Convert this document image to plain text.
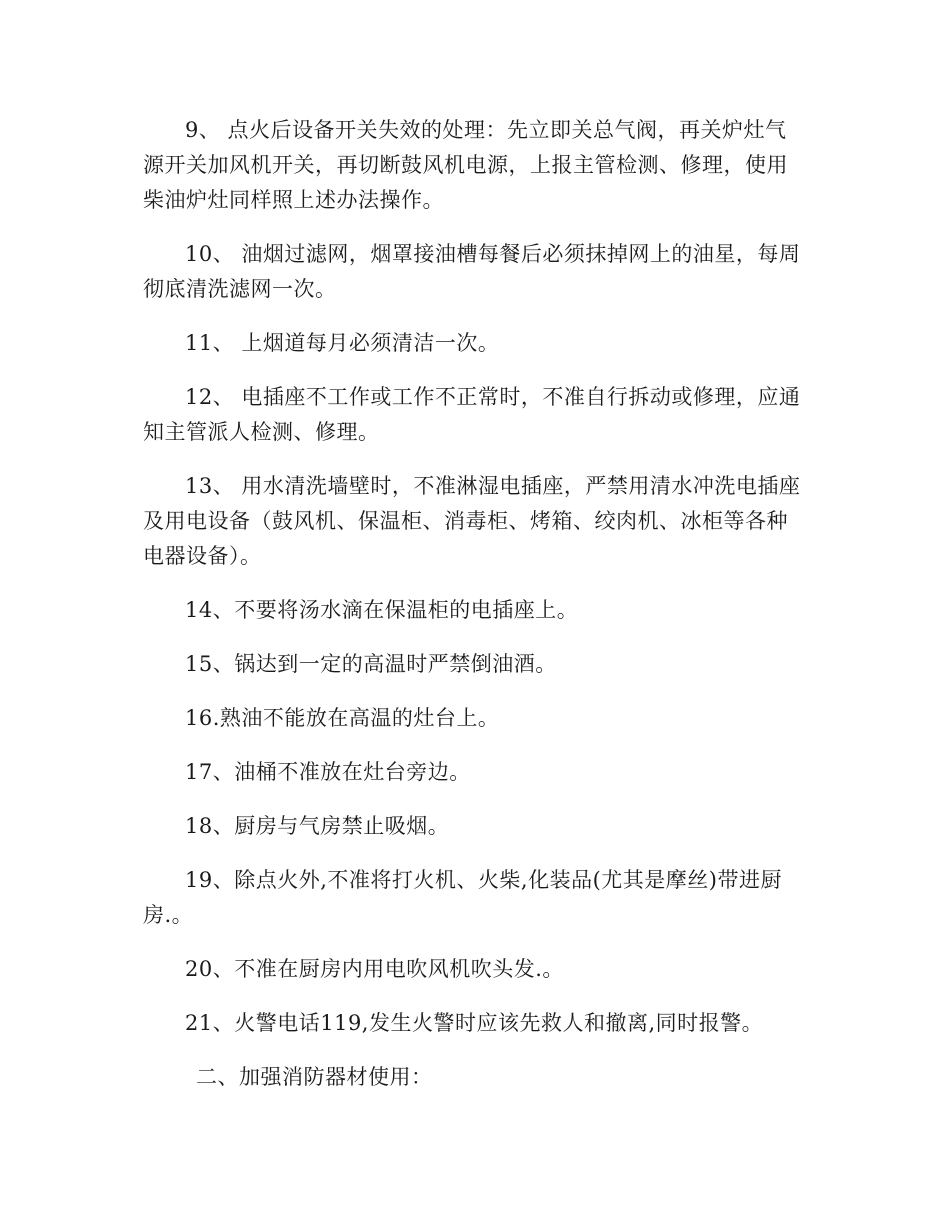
9、 点火后设备开关失效的处理：先立即关总气阀，再关炉灶气源开关加风机开关，再切断鼓风机电源，上报主管检测、修理，使用柴油炉灶同样照上述办法操作。

10、 油烟过滤网，烟罩接油槽每餐后必须抹掉网上的油星，每周彻底清洗滤网一次。

11、 上烟道每月必须清洁一次。

12、 电插座不工作或工作不正常时，不准自行拆动或修理，应通知主管派人检测、修理。

13、 用水清洗墙壁时，不准淋湿电插座，严禁用清水冲洗电插座及用电设备（鼓风机、保温柜、消毒柜、烤箱、绞肉机、冰柜等各种电器设备）。

14、不要将汤水滴在保温柜的电插座上。

15、锅达到一定的高温时严禁倒油酒。

16.熟油不能放在高温的灶台上。

17、油桶不准放在灶台旁边。

18、厨房与气房禁止吸烟。

19、除点火外,不准将打火机、火柴,化装品(尤其是摩丝)带进厨房.。

20、不准在厨房内用电吹风机吹头发.。

21、火警电话119,发生火警时应该先救人和撤离,同时报警。

二、加强消防器材使用：
